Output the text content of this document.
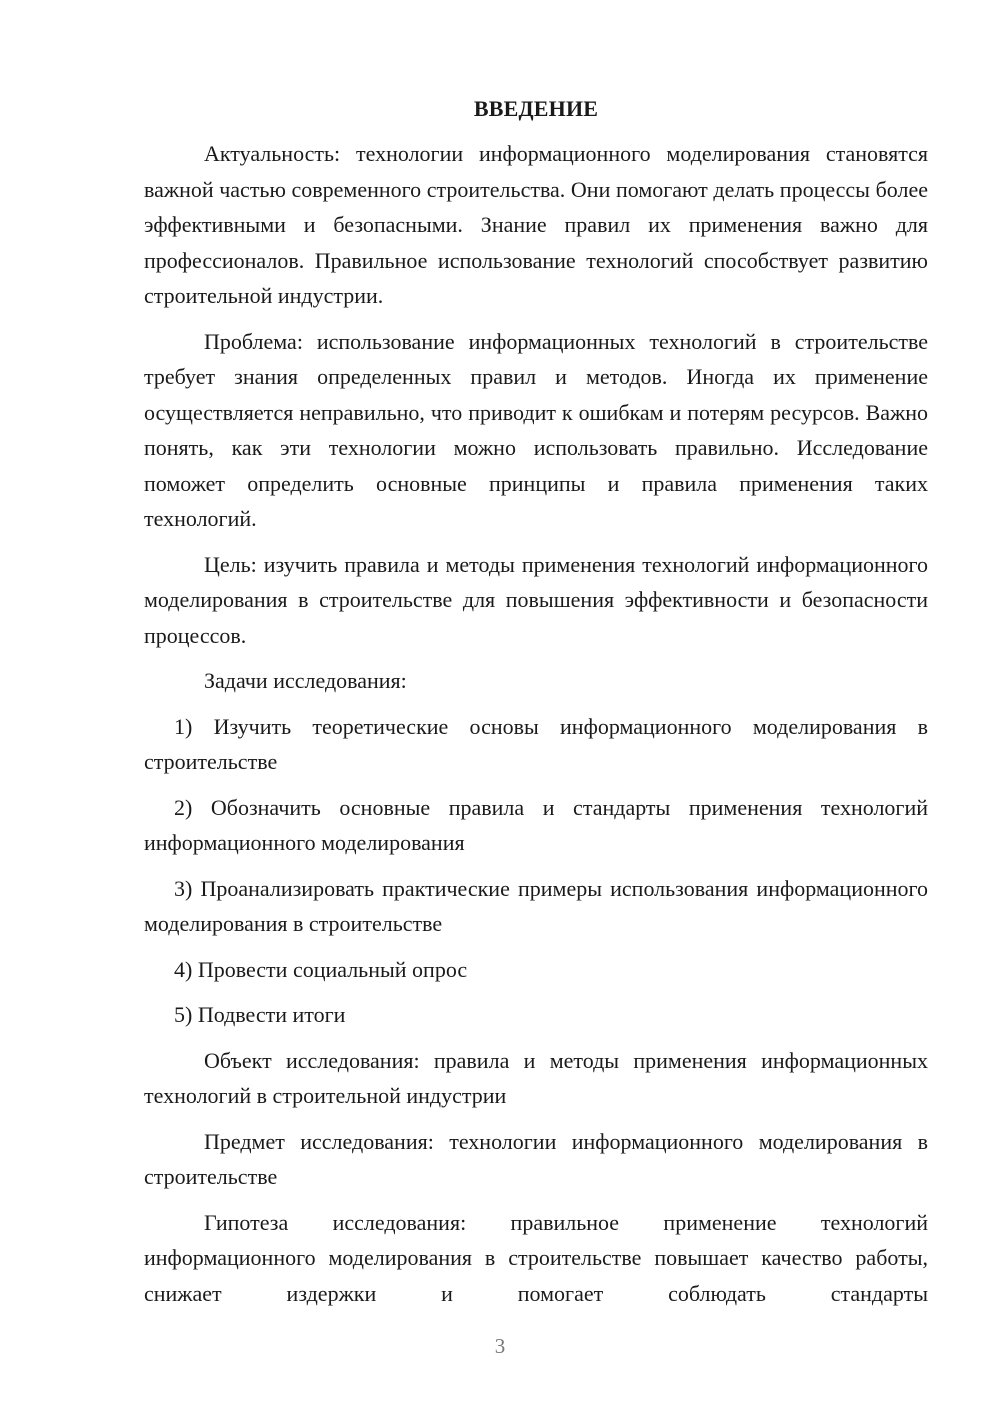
ВВЕДЕНИЕ

Актуальность: технологии информационного моделирования становятся важной частью современного строительства. Они помогают делать процессы более эффективными и безопасными. Знание правил их применения важно для профессионалов. Правильное использование технологий способствует развитию строительной индустрии.

Проблема: использование информационных технологий в строительстве требует знания определенных правил и методов. Иногда их применение осуществляется неправильно, что приводит к ошибкам и потерям ресурсов. Важно понять, как эти технологии можно использовать правильно. Исследование поможет определить основные принципы и правила применения таких технологий.

Цель: изучить правила и методы применения технологий информационного моделирования в строительстве для повышения эффективности и безопасности процессов.

Задачи исследования:

1) Изучить теоретические основы информационного моделирования в строительстве

2) Обозначить основные правила и стандарты применения технологий информационного моделирования

3) Проанализировать практические примеры использования информационного моделирования в строительстве

4) Провести социальный опрос

5) Подвести итоги

Объект исследования: правила и методы применения информационных технологий в строительной индустрии

Предмет исследования: технологии информационного моделирования в строительстве

Гипотеза исследования: правильное применение технологий информационного моделирования в строительстве повышает качество работы, снижает издержки и помогает соблюдать стандарты

3
